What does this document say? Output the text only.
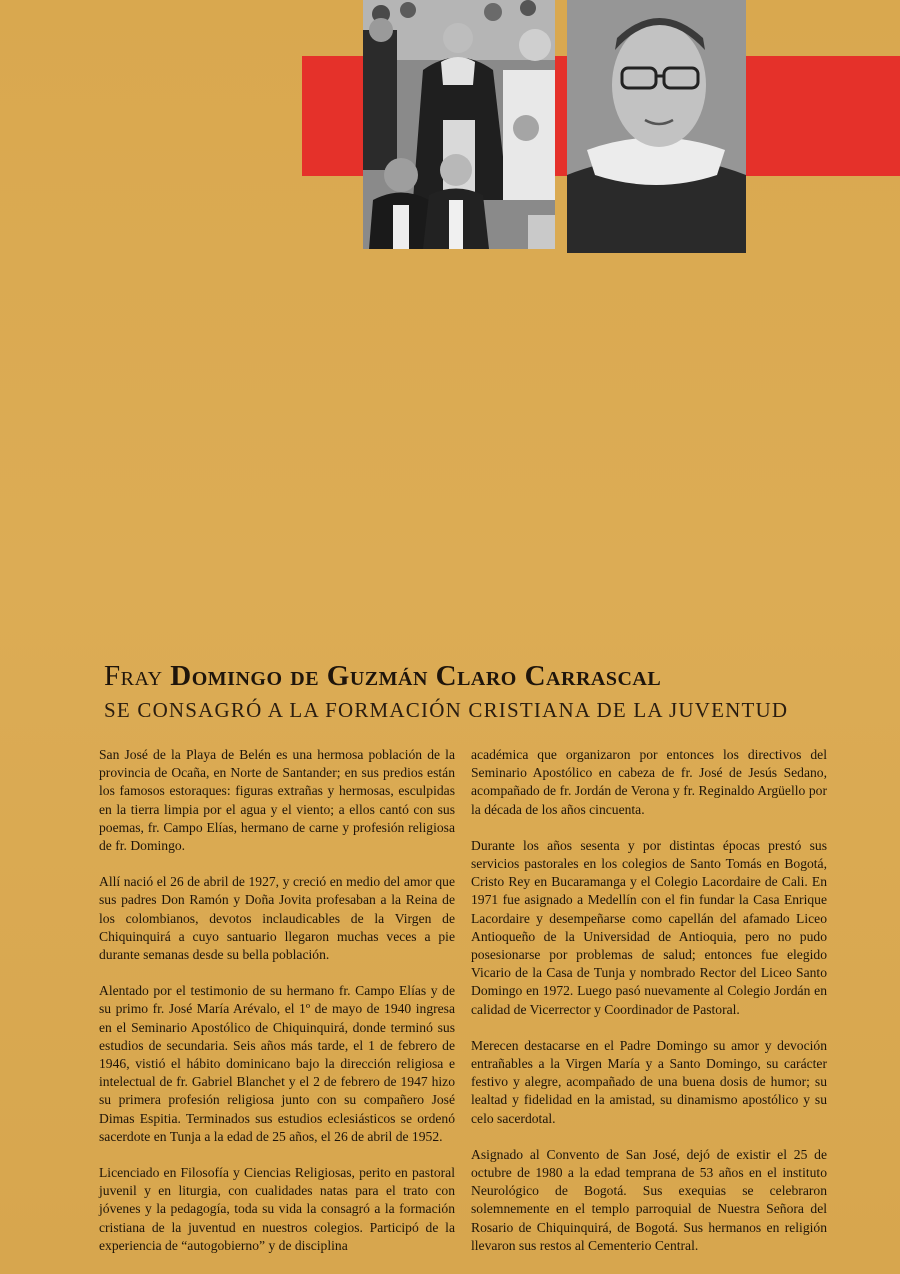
Fray Domingo de Guzmán Claro Carrascal
SE CONSAGRÓ A LA FORMACIÓN CRISTIANA DE LA JUVENTUD

San José de la Playa de Belén es una hermosa población de la provincia de Ocaña, en Norte de Santander; en sus predios están los famosos estoraques: figuras extrañas y hermosas, esculpidas en la tierra limpia por el agua y el viento; a ellos cantó con sus poemas, fr. Campo Elías, hermano de carne y profesión religiosa de fr. Domingo.

Allí nació el 26 de abril de 1927, y creció en medio del amor que sus padres Don Ramón y Doña Jovita profesaban a la Reina de los colombianos, devotos inclaudicables de la Virgen de Chiquinquirá a cuyo santuario llegaron muchas veces a pie durante semanas desde su bella población.

Alentado por el testimonio de su hermano fr. Campo Elías y de su primo fr. José María Arévalo, el 1º de mayo de 1940 ingresa en el Seminario Apostólico de Chiquinquirá, donde terminó sus estudios de secundaria. Seis años más tarde, el 1 de febrero de 1946, vistió el hábito dominicano bajo la dirección religiosa e intelectual de fr. Gabriel Blanchet y el 2 de febrero de 1947 hizo su primera profesión religiosa junto con su compañero José Dimas Espitia. Terminados sus estudios eclesiásticos se ordenó sacerdote en Tunja a la edad de 25 años, el 26 de abril de 1952.

Licenciado en Filosofía y Ciencias Religiosas, perito en pastoral juvenil y en liturgia, con cualidades natas para el trato con jóvenes y la pedagogía, toda su vida la consagró a la formación cristiana de la juventud en nuestros colegios. Participó de la experiencia de “autogobierno” y de disciplina

académica que organizaron por entonces los directivos del Seminario Apostólico en cabeza de fr. José de Jesús Sedano, acompañado de fr. Jordán de Verona y fr. Reginaldo Argüello por la década de los años cincuenta.

Durante los años sesenta y por distintas épocas prestó sus servicios pastorales en los colegios de Santo Tomás en Bogotá, Cristo Rey en Bucaramanga y el Colegio Lacordaire de Cali. En 1971 fue asignado a Medellín con el fin fundar la Casa Enrique Lacordaire y desempeñarse como capellán del afamado Liceo Antioqueño de la Universidad de Antioquia, pero no pudo posesionarse por problemas de salud; entonces fue elegido Vicario de la Casa de Tunja y nombrado Rector del Liceo Santo Domingo en 1972. Luego pasó nuevamente al Colegio Jordán en calidad de Vicerrector y Coordinador de Pastoral.

Merecen destacarse en el Padre Domingo su amor y devoción entrañables a la Virgen María y a Santo Domingo, su carácter festivo y alegre, acompañado de una buena dosis de humor; su lealtad y fidelidad en la amistad, su dinamismo apostólico y su celo sacerdotal.

Asignado al Convento de San José, dejó de existir el 25 de octubre de 1980 a la edad temprana de 53 años en el instituto Neurológico de Bogotá. Sus exequias se celebraron solemnemente en el templo parroquial de Nuestra Señora del Rosario de Chiquinquirá, de Bogotá. Sus hermanos en religión llevaron sus restos al Cementerio Central.
